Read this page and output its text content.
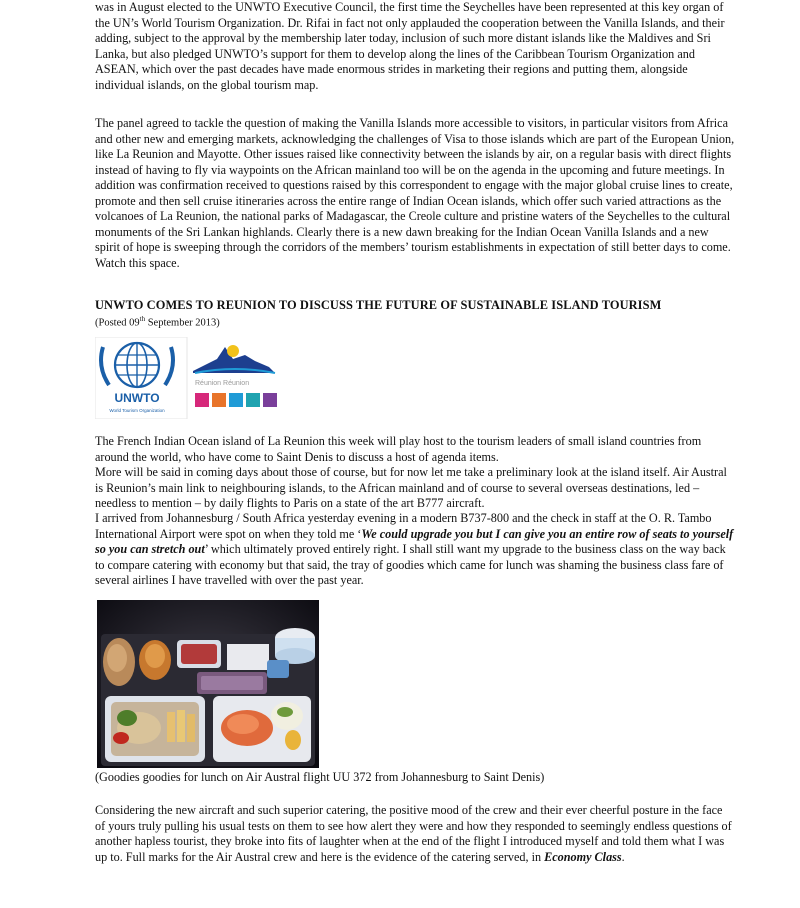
was in August elected to the UNWTO Executive Council, the first time the Seychelles have been represented at this key organ of the UN’s World Tourism Organization. Dr. Rifai in fact not only applauded the cooperation between the Vanilla Islands, and their adding, subject to the approval by the membership later today, inclusion of such more distant islands like the Maldives and Sri Lanka, but also pledged UNWTO’s support for them to develop along the lines of the Caribbean Tourism Organization and ASEAN, which over the past decades have made enormous strides in marketing their regions and putting them, alongside individual islands, on the global tourism map.

The panel agreed to tackle the question of making the Vanilla Islands more accessible to visitors, in particular visitors from Africa and other new and emerging markets, acknowledging the challenges of Visa to those islands which are part of the European Union, like La Reunion and Mayotte. Other issues raised like connectivity between the islands by air, on a regular basis with direct flights instead of having to fly via waypoints on the African mainland too will be on the agenda in the upcoming and future meetings. In addition was confirmation received to questions raised by this correspondent to engage with the major global cruise lines to create, promote and then sell cruise itineraries across the entire range of Indian Ocean islands, which offer such varied attractions as the volcanoes of La Reunion, the national parks of Madagascar, the Creole culture and pristine waters of the Seychelles to the cultural monuments of the Sri Lankan highlands. Clearly there is a new dawn breaking for the Indian Ocean Vanilla Islands and a new spirit of hope is sweeping through the corridors of the members’ tourism establishments in expectation of still better days to come. Watch this space.

UNWTO COMES TO REUNION TO DISCUSS THE FUTURE OF SUSTAINABLE ISLAND TOURISM
(Posted 09th September 2013)
UNWTO
World Tourism Organization
Réunion Réunion

The French Indian Ocean island of La Reunion this week will play host to the tourism leaders of small island countries from around the world, who have come to Saint Denis to discuss a host of agenda items.

More will be said in coming days about those of course, but for now let me take a preliminary look at the island itself. Air Austral is Reunion’s main link to neighbouring islands, to the African mainland and of course to several overseas destinations, led – needless to mention – by daily flights to Paris on a state of the art B777 aircraft.

I arrived from Johannesburg / South Africa yesterday evening in a modern B737-800 and the check in staff at the O. R. Tambo International Airport were spot on when they told me ‘We could upgrade you but I can give you an entire row of seats to yourself so you can stretch out’ which ultimately proved entirely right. I shall still want my upgrade to the business class on the way back to compare catering with economy but that said, the tray of goodies which came for lunch was shaming the business class fare of several airlines I have travelled with over the past year.

(Goodies goodies for lunch on Air Austral flight UU 372 from Johannesburg to Saint Denis)

Considering the new aircraft and such superior catering, the positive mood of the crew and their ever cheerful posture in the face of yours truly pulling his usual tests on them to see how alert they were and how they responded to seemingly endless questions of another hapless tourist, they broke into fits of laughter when at the end of the flight I introduced myself and told them what I was up to. Full marks for the Air Austral crew and here is the evidence of the catering served, in Economy Class.
